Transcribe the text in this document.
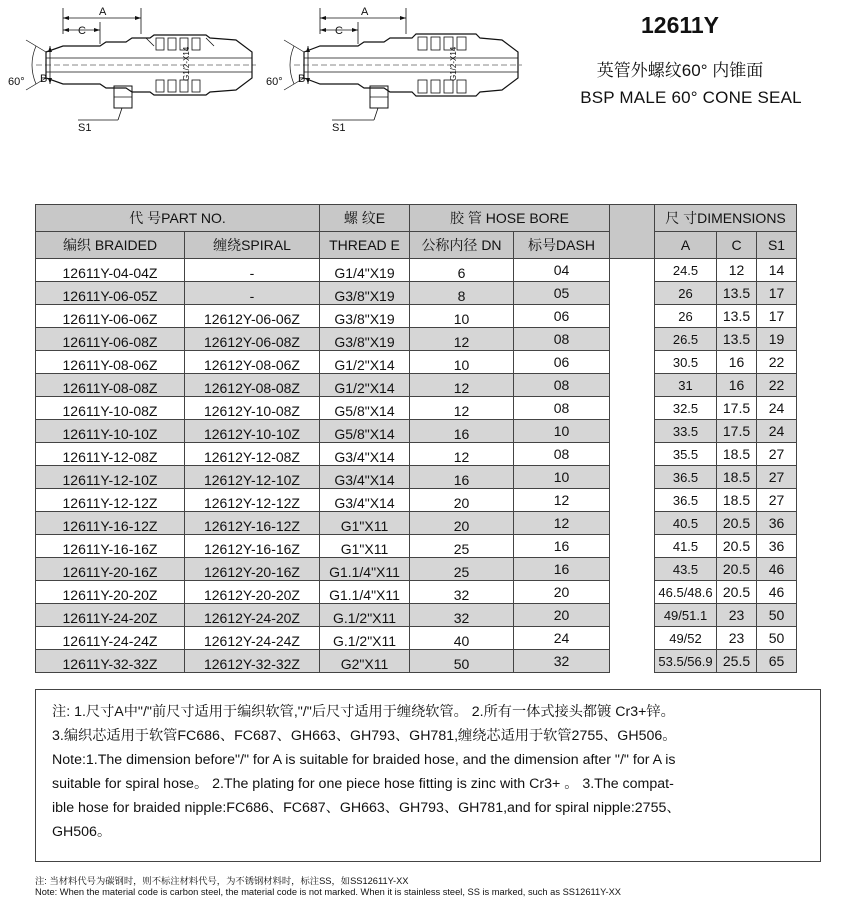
A
C
60° B
S1
G1/2-X14
A
C
60° B
S1
G1/2-X14
12611Y
英管外螺纹60° 内锥面
BSP MALE 60° CONE SEAL
代 号PART NO.		螺 纹E	胶 管 HOSE BORE			尺 寸DIMENSIONS		
编织 BRAIDED	缠绕SPIRAL	THREAD E	公称内径 DN	标号DASH		A	C	S1
12611Y-04-04Z	-	G1/4"X19	6	04		24.5	12	14
12611Y-06-05Z	-	G3/8"X19	8	05		26	13.5	17
12611Y-06-06Z	12612Y-06-06Z	G3/8"X19	10	06		26	13.5	17
12611Y-06-08Z	12612Y-06-08Z	G3/8"X19	12	08		26.5	13.5	19
12611Y-08-06Z	12612Y-08-06Z	G1/2"X14	10	06		30.5	16	22
12611Y-08-08Z	12612Y-08-08Z	G1/2"X14	12	08		31	16	22
12611Y-10-08Z	12612Y-10-08Z	G5/8"X14	12	08		32.5	17.5	24
12611Y-10-10Z	12612Y-10-10Z	G5/8"X14	16	10		33.5	17.5	24
12611Y-12-08Z	12612Y-12-08Z	G3/4"X14	12	08		35.5	18.5	27
12611Y-12-10Z	12612Y-12-10Z	G3/4"X14	16	10		36.5	18.5	27
12611Y-12-12Z	12612Y-12-12Z	G3/4"X14	20	12		36.5	18.5	27
12611Y-16-12Z	12612Y-16-12Z	G1"X11	20	12		40.5	20.5	36
12611Y-16-16Z	12612Y-16-16Z	G1"X11	25	16		41.5	20.5	36
12611Y-20-16Z	12612Y-20-16Z	G1.1/4"X11	25	16		43.5	20.5	46
12611Y-20-20Z	12612Y-20-20Z	G1.1/4"X11	32	20		46.5/48.6	20.5	46
12611Y-24-20Z	12612Y-24-20Z	G.1/2"X11	32	20		49/51.1	23	50
12611Y-24-24Z	12612Y-24-24Z	G.1/2"X11	40	24		49/52	23	50
12611Y-32-32Z	12612Y-32-32Z	G2"X11	50	32		53.5/56.9	25.5	65

注: 1.尺寸A中"/"前尺寸适用于编织软管,"/"后尺寸适用于缠绕软管。 2.所有一体式接头都镀 Cr3+锌。

3.编织芯适用于软管FC686、FC687、GH663、GH793、GH781,缠绕芯适用于软管2755、GH506。

Note:1.The dimension before"/" for A is suitable for braided hose, and the dimension after "/" for A is

suitable for spiral hose。 2.The plating for one piece hose fitting is zinc with Cr3+ 。 3.The compat-

ible hose for braided nipple:FC686、FC687、GH663、GH793、GH781,and for spiral nipple:2755、

GH506。

注: 当材料代号为碳钢时，则不标注材料代号，为不锈钢材料时，标注SS，如SS12611Y-XX
Note: When the material code is carbon steel, the material code is not marked. When it is stainless steel, SS is marked, such as SS12611Y-XX
